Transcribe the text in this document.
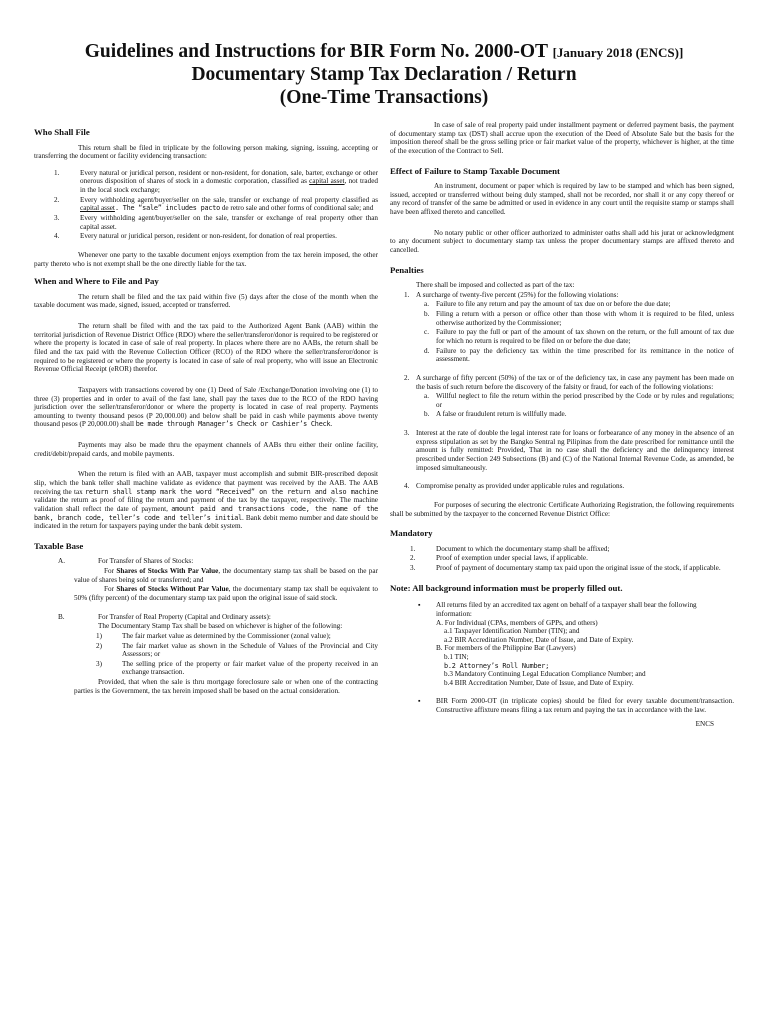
Guidelines and Instructions for BIR Form No. 2000-OT [January 2018 (ENCS)]
Documentary Stamp Tax Declaration / Return
(One-Time Transactions)
Who Shall File

This return shall be filed in triplicate by the following person making, signing, issuing, accepting or transferring the document or facility evidencing transaction:

1.	Every natural or juridical person, resident or non-resident, for donation, sale, barter, exchange or other onerous disposition of shares of stock in a domestic corporation, classified as capital asset, not traded in the local stock exchange;
2.	Every withholding agent/buyer/seller on the sale, transfer or exchange of real property classified as capital asset. The “sale” includes pacto de retro sale and other forms of conditional sale; and
3.	Every withholding agent/buyer/seller on the sale, transfer or exchange of real property other than capital asset.
4.	Every natural or juridical person, resident or non-resident, for donation of real properties.

Whenever one party to the taxable document enjoys exemption from the tax herein imposed, the other party thereto who is not exempt shall be the one directly liable for the tax.

When and Where to File and Pay

The return shall be filed and the tax paid within five (5) days after the close of the month when the taxable document was made, signed, issued, accepted or transferred.

The return shall be filed with and the tax paid to the Authorized Agent Bank (AAB) within the territorial jurisdiction of Revenue District Office (RDO) where the seller/transferor/donor is required to be registered or where the property is located in case of sale of real property. In places where there are no AABs, the return shall be filed and the tax paid with the Revenue Collection Officer (RCO) of the RDO where the seller/transferor/donor is required to be registered or where the property is located in case of sale of real property, who will issue an Electronic Revenue Official Receipt (eROR) therefor.

Taxpayers with transactions covered by one (1) Deed of Sale /Exchange/Donation involving one (1) to three (3) properties and in order to avail of the fast lane, shall pay the taxes due to the RCO of the RDO having jurisdiction over the seller/transferor/donor or where the property is located in case of real property. Payments amounting to twenty thousand pesos (P 20,000.00) and below shall be paid in cash while payments above twenty thousand pesos (P 20,000.00) shall be made through Manager’s Check or Cashier’s Check.

Payments may also be made thru the epayment channels of AABs thru either their online facility, credit/debit/prepaid cards, and mobile payments.

When the return is filed with an AAB, taxpayer must accomplish and submit BIR-prescribed deposit slip, which the bank teller shall machine validate as evidence that payment was received by the AAB. The AAB receiving the tax return shall stamp mark the word “Received” on the return and also machine validate the return as proof of filing the return and payment of the tax by the taxpayer, respectively. The machine validation shall reflect the date of payment, amount paid and transactions code, the name of the bank, branch code, teller’s code and teller’s initial. Bank debit memo number and date should be indicated in the return for taxpayers paying under the bank debit system.

Taxable Base
A.	For Transfer of Shares of Stocks:

For Shares of Stocks With Par Value, the documentary stamp tax shall be based on the par value of shares being sold or transferred; and

For Shares of Stocks Without Par Value, the documentary stamp tax shall be equivalent to 50% (fifty percent) of the documentary stamp tax paid upon the original issue of said stock.

B.	For Transfer of Real Property (Capital and Ordinary assets):

The Documentary Stamp Tax shall be based on whichever is higher of the following:

1)	The fair market value as determined by the Commissioner (zonal value);
2)	The fair market value as shown in the Schedule of Values of the Provincial and City Assessors; or
3)	The selling price of the property or fair market value of the property received in an exchange transaction.

Provided, that when the sale is thru mortgage foreclosure sale or when one of the contracting parties is the Government, the tax herein imposed shall be based on the actual consideration.

In case of sale of real property paid under installment payment or deferred payment basis, the payment of documentary stamp tax (DST) shall accrue upon the execution of the Deed of Absolute Sale but the basis for the imposition thereof shall be the gross selling price or fair market value of the property, whichever is higher, at the time of the execution of the Contract to Sell.

Effect of Failure to Stamp Taxable Document

An instrument, document or paper which is required by law to be stamped and which has been signed, issued, accepted or transferred without being duly stamped, shall not be recorded, nor shall it or any copy thereof or any record of transfer of the same be admitted or used in evidence in any court until the requisite stamp or stamps shall have been affixed thereto and cancelled.

No notary public or other officer authorized to administer oaths shall add his jurat or acknowledgment to any document subject to documentary stamp tax unless the proper documentary stamps are affixed thereto and cancelled.

Penalties

There shall be imposed and collected as part of the tax:

1. A surcharge of twenty-five percent (25%) for the following violations:
a. Failure to file any return and pay the amount of tax due on or before the due date;
b. Filing a return with a person or office other than those with whom it is required to be filed, unless otherwise authorized by the Commissioner;
c. Failure to pay the full or part of the amount of tax shown on the return, or the full amount of tax due for which no return is required to be filed on or before the due date;
d. Failure to pay the deficiency tax within the time prescribed for its remittance in the notice of assessment.
2. A surcharge of fifty percent (50%) of the tax or of the deficiency tax, in case any payment has been made on the basis of such return before the discovery of the falsity or fraud, for each of the following violations:
a. Willful neglect to file the return within the period prescribed by the Code or by rules and regulations; or
b. A false or fraudulent return is willfully made.
3. Interest at the rate of double the legal interest rate for loans or forbearance of any money in the absence of an express stipulation as set by the Bangko Sentral ng Pilipinas from the date prescribed for remittance until the amount is fully remitted: Provided, That in no case shall the deficiency and the delinquency interest prescribed under Section 249 Subsections (B) and (C) of the National Internal Revenue Code, as amended, be imposed simultaneously.
4. Compromise penalty as provided under applicable rules and regulations.

For purposes of securing the electronic Certificate Authorizing Registration, the following requirements shall be submitted by the taxpayer to the concerned Revenue District Office:

Mandatory
1.	Document to which the documentary stamp shall be affixed;
2.	Proof of exemption under special laws, if applicable.
3.	Proof of payment of documentary stamp tax paid upon the original issue of the stock, if applicable.
Note: All background information must be properly filled out.
▪	All returns filed by an accredited tax agent on behalf of a taxpayer shall bear the following information:
A. For Individual (CPAs, members of GPPs, and others)
a.1 Taxpayer Identification Number (TIN); and
a.2 BIR Accreditation Number, Date of Issue, and Date of Expiry.
B. For members of the Philippine Bar (Lawyers)
b.1 TIN;
b.2 Attorney’s Roll Number;
b.3 Mandatory Continuing Legal Education Compliance Number; and
b.4 BIR Accreditation Number, Date of Issue, and Date of Expiry.
▪	BIR Form 2000-OT (in triplicate copies) should be filed for every taxable document/transaction. Constructive affixture means filing a tax return and paying the tax in accordance with the law.
ENCS
